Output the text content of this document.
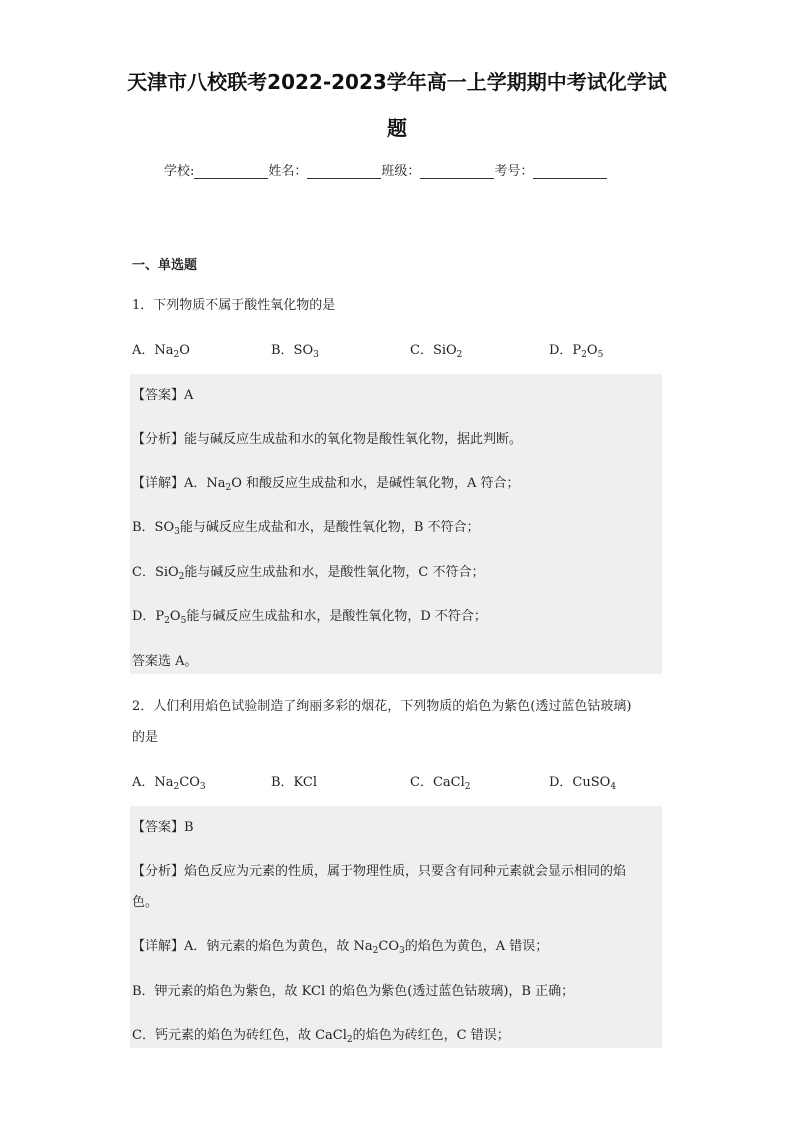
天津市八校联考2022-2023学年高一上学期期中考试化学试
题
学校:	姓名：	班级：	考号：
一、单选题
1．下列物质不属于酸性氧化物的是
A．$Na_2O$	B．$SO_3$	C．SiO$_2$	D．$P_2O_5$
【答案】A
【分析】能与碱反应生成盐和水的氧化物是酸性氧化物，据此判断。
【详解】A．$Na_2O$ 和酸反应生成盐和水，是碱性氧化物，A 符合；
B．$SO_3$能与碱反应生成盐和水，是酸性氧化物，B 不符合；
C．SiO$_2$能与碱反应生成盐和水，是酸性氧化物，C 不符合；
D．$P_2O_5$能与碱反应生成盐和水，是酸性氧化物，D 不符合；
答案选 A。
2．人们利用焰色试验制造了绚丽多彩的烟花，下列物质的焰色为紫色(透过蓝色钴玻璃)
的是
A．$Na_2CO_3$	B．KCl	C．CaCl$_2$	D．CuSO$_4$
【答案】B
【分析】焰色反应为元素的性质，属于物理性质，只要含有同种元素就会显示相同的焰
色。
【详解】A．钠元素的焰色为黄色，故 $Na_2CO_3$的焰色为黄色，A 错误；
B．钾元素的焰色为紫色，故 KCl 的焰色为紫色(透过蓝色钴玻璃)，B 正确；
C．钙元素的焰色为砖红色，故 CaCl$_2$的焰色为砖红色，C 错误；
